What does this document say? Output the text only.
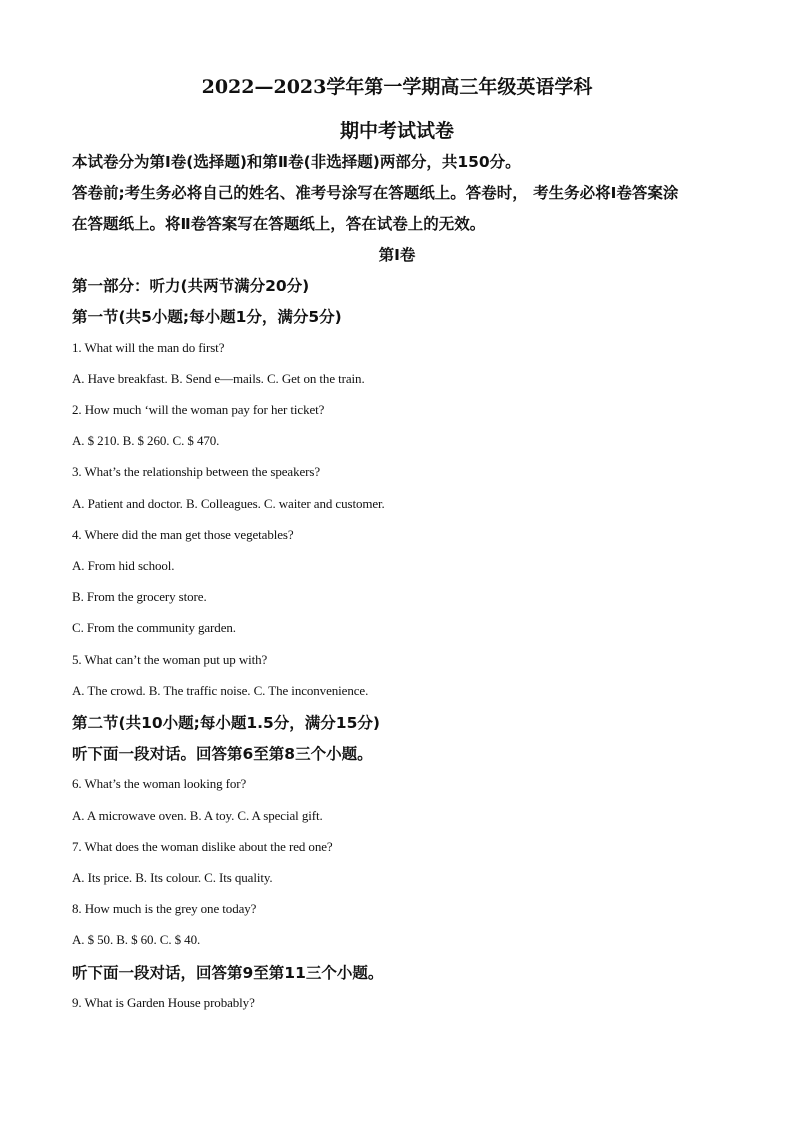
2022—2023学年第一学期高三年级英语学科
期中考试试卷
本试卷分为第Ⅰ卷(选择题)和第Ⅱ卷(非选择题)两部分，共150分。
答卷前;考生务必将自己的姓名、准考号涂写在答题纸上。答卷时， 考生务必将Ⅰ卷答案涂
在答题纸上。将Ⅱ卷答案写在答题纸上，答在试卷上的无效。
第Ⅰ卷
第一部分：听力(共两节满分20分)
第一节(共5小题;每小题1分，满分5分)
1. What will the man do first?
A. Have breakfast. B. Send e—mails. C. Get on the train.
2. How much ‘will the woman pay for her ticket?
A. $ 210. B. $ 260. C. $ 470.
3. What’s the relationship between the speakers?
A. Patient and doctor. B. Colleagues. C. waiter and customer.
4. Where did the man get those vegetables?
A. From hid school.
B. From the grocery store.
C. From the community garden.
5. What can’t the woman put up with?
A. The crowd. B. The traffic noise. C. The inconvenience.
第二节(共10小题;每小题1.5分，满分15分)
听下面一段对话。回答第6至第8三个小题。
6. What’s the woman looking for?
A. A microwave oven. B. A toy. C. A special gift.
7. What does the woman dislike about the red one?
A. Its price. B. Its colour. C. Its quality.
8. How much is the grey one today?
A. $ 50. B. $ 60. C. $ 40.
听下面一段对话，回答第9至第11三个小题。
9. What is Garden House probably?
